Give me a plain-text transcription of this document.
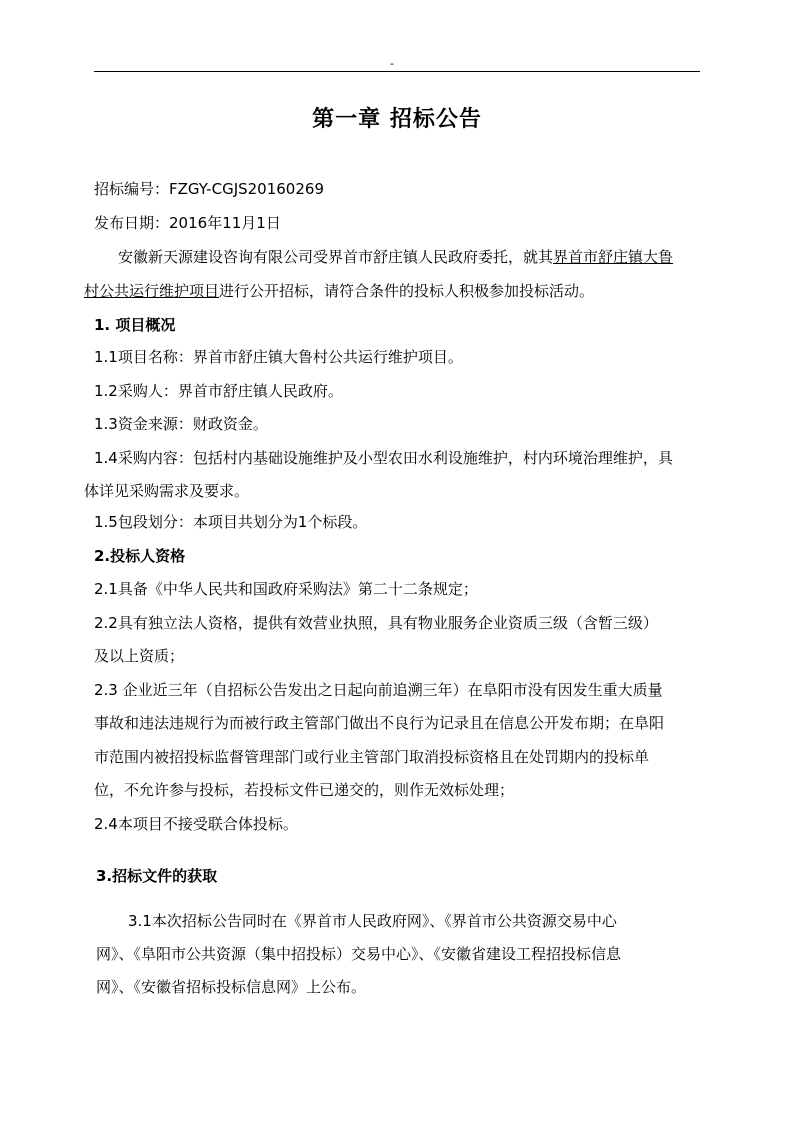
-
第一章 招标公告
招标编号：FZGY-CGJS20160269
发布日期：2016年11月1日
安徽新天源建设咨询有限公司受界首市舒庄镇人民政府委托，就其界首市舒庄镇大鲁
村公共运行维护项目进行公开招标，请符合条件的投标人积极参加投标活动。
1. 项目概况
1.1项目名称：界首市舒庄镇大鲁村公共运行维护项目。
1.2采购人：界首市舒庄镇人民政府。
1.3资金来源：财政资金。
1.4采购内容：包括村内基础设施维护及小型农田水利设施维护，村内环境治理维护，具
体详见采购需求及要求。
1.5包段划分：本项目共划分为1个标段。
2.投标人资格
2.1具备《中华人民共和国政府采购法》第二十二条规定；
2.2具有独立法人资格，提供有效营业执照，具有物业服务企业资质三级（含暂三级）
及以上资质；
2.3 企业近三年（自招标公告发出之日起向前追溯三年）在阜阳市没有因发生重大质量
事故和违法违规行为而被行政主管部门做出不良行为记录且在信息公开发布期；在阜阳
市范围内被招投标监督管理部门或行业主管部门取消投标资格且在处罚期内的投标单
位，不允许参与投标，若投标文件已递交的，则作无效标处理；
2.4本项目不接受联合体投标。
3.招标文件的获取
3.1本次招标公告同时在《界首市人民政府网》、《界首市公共资源交易中心
网》、《阜阳市公共资源（集中招投标）交易中心》、《安徽省建设工程招投标信息
网》、《安徽省招标投标信息网》上公布。
